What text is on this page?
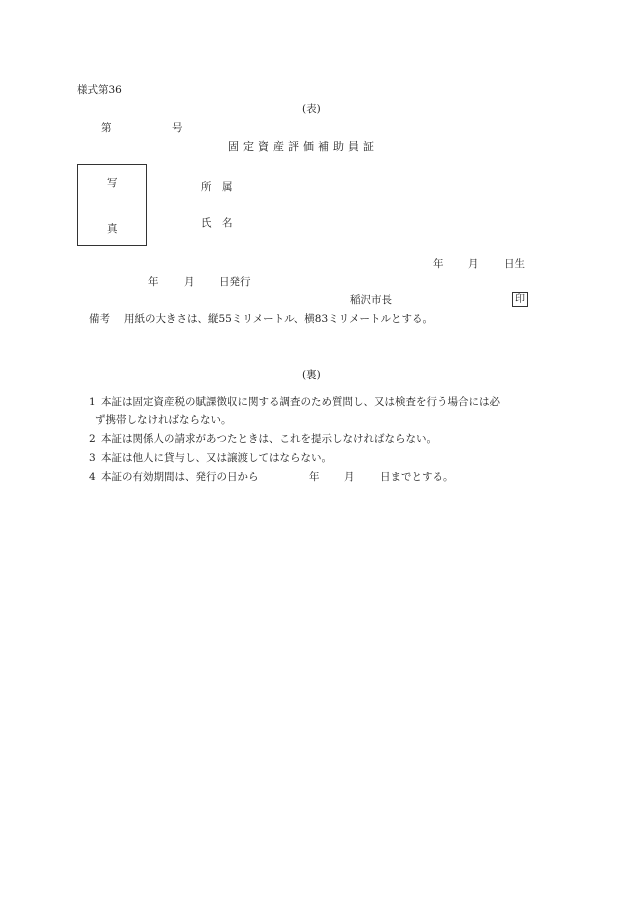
様式第36
(表)
第	号
固定資産評価補助員証
写
真
所　属
氏　名
年 月 日生
年 月 日発行
稲沢市長	印
備考 用紙の大きさは、縦55ミリメートル、横83ミリメートルとする。
(裏)
1 本証は固定資産税の賦課徴収に関する調査のため質問し、又は検査を行う場合には必
ず携帯しなければならない。
2 本証は関係人の請求があつたときは、これを提示しなければならない。
3 本証は他人に貸与し、又は譲渡してはならない。
4 本証の有効期間は、発行の日から	年 月 日までとする。
